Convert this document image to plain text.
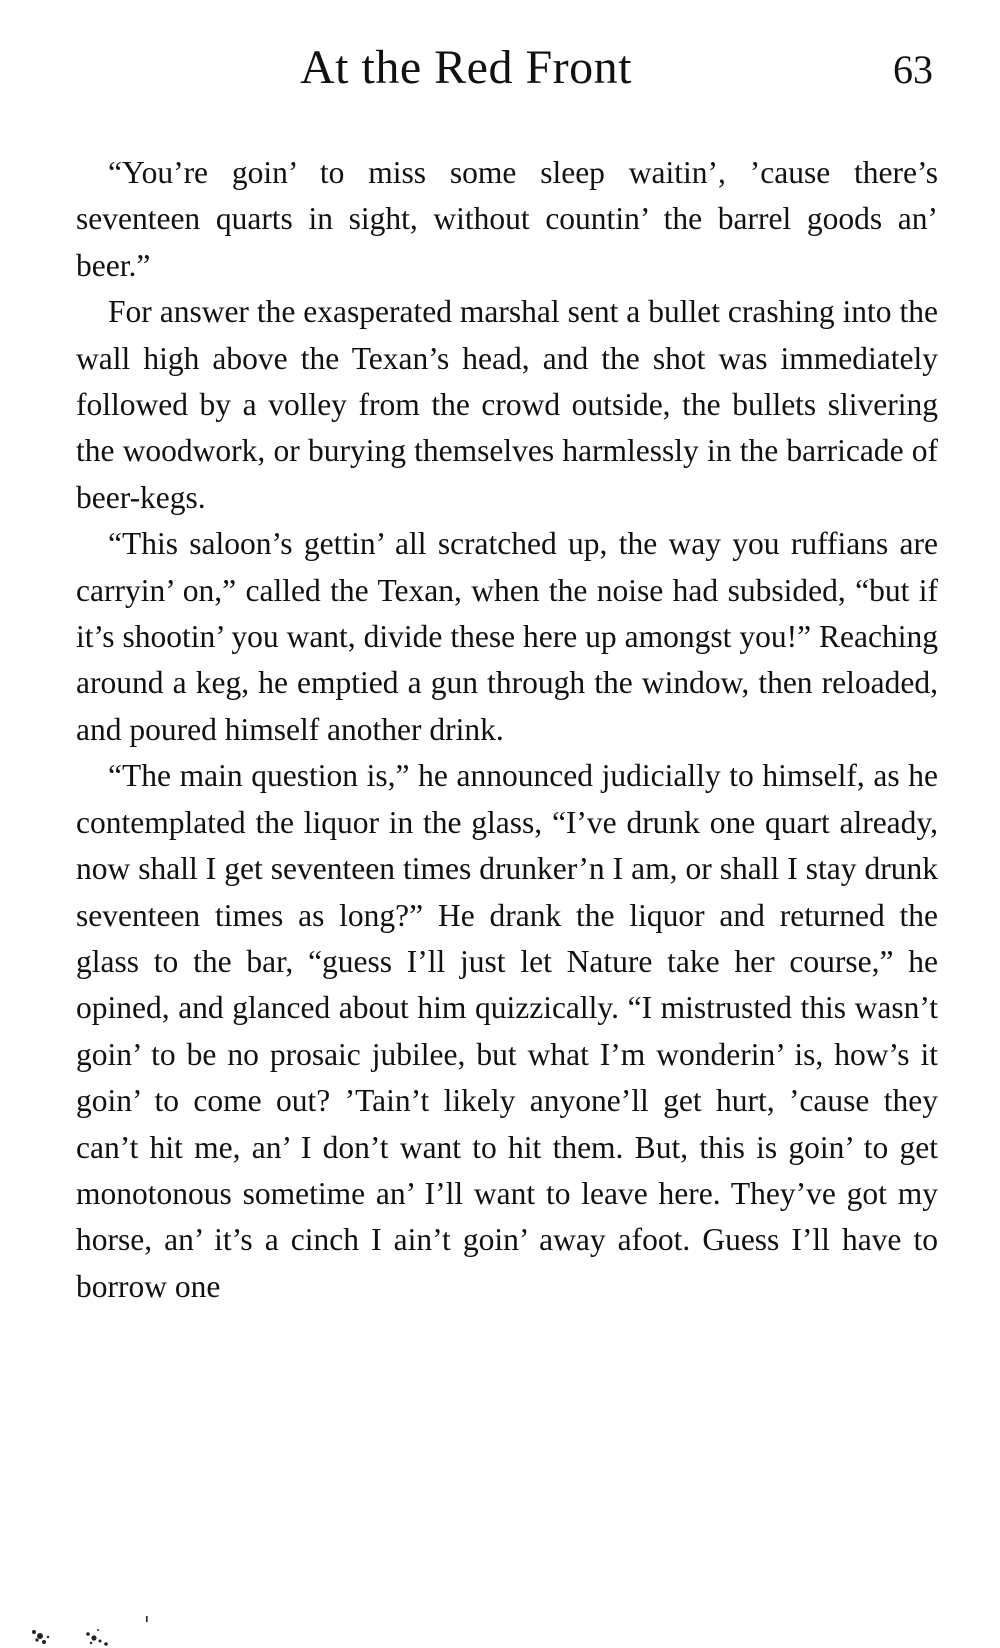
At the Red Front	63

“You’re goin’ to miss some sleep waitin’, ’cause there’s seventeen quarts in sight, without countin’ the barrel goods an’ beer.”

For answer the exasperated marshal sent a bullet crashing into the wall high above the Texan’s head, and the shot was immediately followed by a volley from the crowd outside, the bullets slivering the woodwork, or burying themselves harmlessly in the barricade of beer-kegs.

“This saloon’s gettin’ all scratched up, the way you ruffians are carryin’ on,” called the Texan, when the noise had subsided, “but if it’s shootin’ you want, divide these here up amongst you!” Reaching around a keg, he emptied a gun through the window, then reloaded, and poured himself another drink.

“The main question is,” he announced judicially to himself, as he contemplated the liquor in the glass, “I’ve drunk one quart already, now shall I get seventeen times drunker’n I am, or shall I stay drunk seventeen times as long?” He drank the liquor and returned the glass to the bar, “guess I’ll just let Nature take her course,” he opined, and glanced about him quizzically. “I mistrusted this wasn’t goin’ to be no prosaic jubilee, but what I’m wonderin’ is, how’s it goin’ to come out? ’Tain’t likely anyone’ll get hurt, ’cause they can’t hit me, an’ I don’t want to hit them. But, this is goin’ to get monotonous sometime an’ I’ll want to leave here. They’ve got my horse, an’ it’s a cinch I ain’t goin’ away afoot. Guess I’ll have to borrow one
